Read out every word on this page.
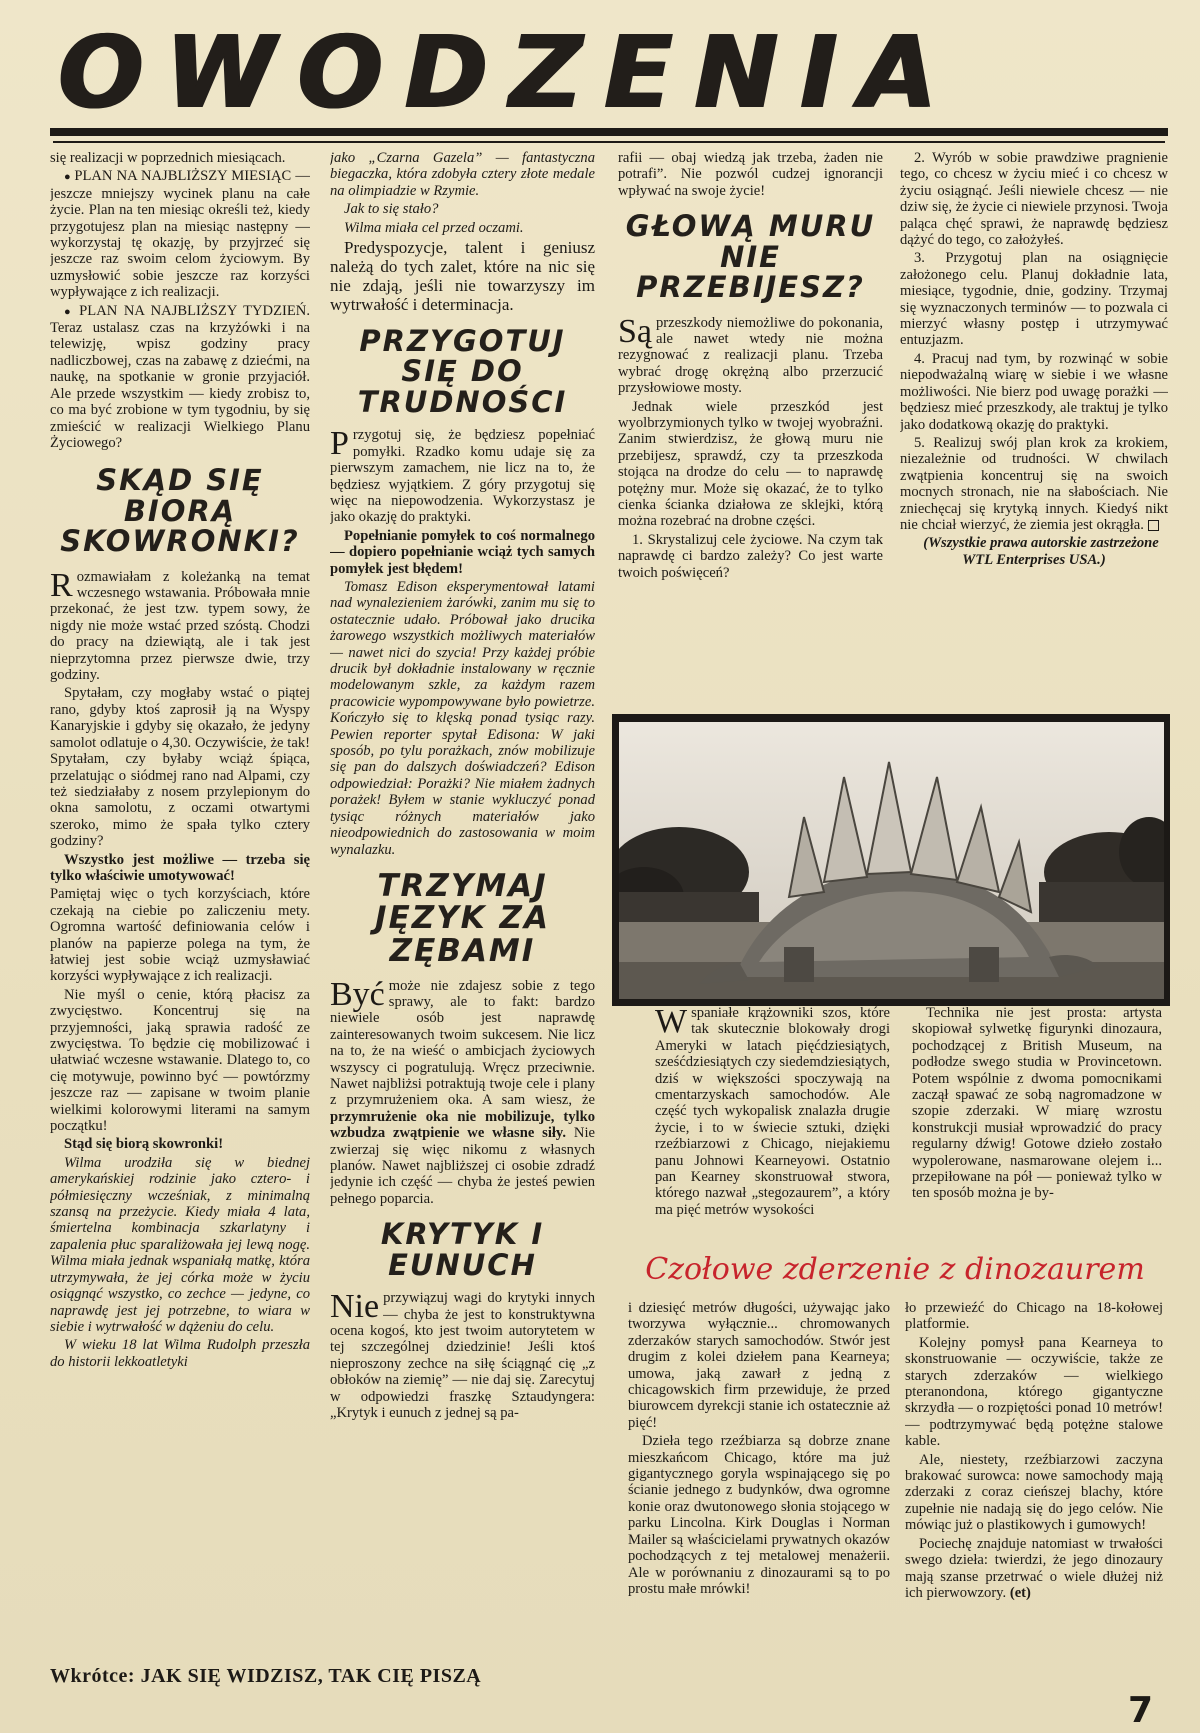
OWODZENIA

się realizacji w poprzednich miesiącach.

● PLAN NA NAJBLIŻSZY MIESIĄC — jeszcze mniejszy wycinek planu na całe życie. Plan na ten miesiąc określi też, kiedy przygotujesz plan na miesiąc następny — wykorzystaj tę okazję, by przyjrzeć się jeszcze raz swoim celom życiowym. By uzmysłowić sobie jeszcze raz korzyści wypływające z ich realizacji.

● PLAN NA NAJBLIŻSZY TYDZIEŃ. Teraz ustalasz czas na krzyżówki i na telewizję, wpisz godziny pracy nadliczbowej, czas na zabawę z dziećmi, na naukę, na spotkanie w gronie przyjaciół. Ale przede wszystkim — kiedy zrobisz to, co ma być zrobione w tym tygodniu, by się zmieścić w realizacji Wielkiego Planu Życiowego?

SKĄD SIĘ BIORĄ SKOWRONKI?

Rozmawiałam z koleżanką na temat wczesnego wstawania. Próbowała mnie przekonać, że jest tzw. typem sowy, że nigdy nie może wstać przed szóstą. Chodzi do pracy na dziewiątą, ale i tak jest nieprzytomna przez pierwsze dwie, trzy godziny.

Spytałam, czy mogłaby wstać o piątej rano, gdyby ktoś zaprosił ją na Wyspy Kanaryjskie i gdyby się okazało, że jedyny samolot odlatuje o 4,30. Oczywiście, że tak! Spytałam, czy byłaby wciąż śpiąca, przelatując o siódmej rano nad Alpami, czy też siedziałaby z nosem przylepionym do okna samolotu, z oczami otwartymi szeroko, mimo że spała tylko cztery godziny?

Wszystko jest możliwe — trzeba się tylko właściwie umotywować!

Pamiętaj więc o tych korzyściach, które czekają na ciebie po zaliczeniu mety. Ogromna wartość definiowania celów i planów na papierze polega na tym, że łatwiej jest sobie wciąż uzmysławiać korzyści wypływające z ich realizacji.

Nie myśl o cenie, którą płacisz za zwycięstwo. Koncentruj się na przyjemności, jaką sprawia radość ze zwycięstwa. To będzie cię mobilizować i ułatwiać wczesne wstawanie. Dlatego to, co cię motywuje, powinno być — powtórzmy jeszcze raz — zapisane w twoim planie wielkimi kolorowymi literami na samym początku!

Stąd się biorą skowronki!

Wilma urodziła się w biednej amerykańskiej rodzinie jako czterо- i półmiesięczny wcześniak, z minimalną szansą na przeżycie. Kiedy miała 4 lata, śmiertelna kombinacja szkarlatyny i zapalenia płuc sparaliżowała jej lewą nogę. Wilma miała jednak wspaniałą matkę, która utrzymywała, że jej córka może w życiu osiągnąć wszystko, co zechce — jedyne, co naprawdę jest jej potrzebne, to wiara w siebie i wytrwałość w dążeniu do celu.

W wieku 18 lat Wilma Rudolph przeszła do historii lekkoatletyki

jako „Czarna Gazela” — fantastyczna biegaczka, która zdobyła cztery złote medale na olimpiadzie w Rzymie.

Jak to się stało?

Wilma miała cel przed oczami.

Predyspozycje, talent i geniusz należą do tych zalet, które na nic się nie zdają, jeśli nie towarzyszy im wytrwałość i determinacja.

PRZYGOTUJ SIĘ DO TRUDNOŚCI

Przygotuj się, że będziesz popełniać pomyłki. Rzadko komu udaje się za pierwszym zamachem, nie licz na to, że będziesz wyjątkiem. Z góry przygotuj się więc na niepowodzenia. Wykorzystasz je jako okazję do praktyki.

Popełnianie pomyłek to coś normalnego — dopiero popełnianie wciąż tych samych pomyłek jest błędem!

Tomasz Edison eksperymentował latami nad wynalezieniem żarówki, zanim mu się to ostatecznie udało. Próbował jako drucika żarowego wszystkich możliwych materiałów — nawet nici do szycia! Przy każdej próbie drucik był dokładnie instalowany w ręcznie modelowanym szkle, za każdym razem pracowicie wypompowywane było powietrze. Kończyło się to klęską ponad tysiąc razy. Pewien reporter spytał Edisona: W jaki sposób, po tylu porażkach, znów mobilizuje się pan do dalszych doświadczeń? Edison odpowiedział: Porażki? Nie miałem żadnych porażek! Byłem w stanie wykluczyć ponad tysiąc różnych materiałów jako nieodpowiednich do zastosowania w moim wynalazku.

TRZYMAJ JĘZYK ZA ZĘBAMI

Być może nie zdajesz sobie z tego sprawy, ale to fakt: bardzo niewiele osób jest naprawdę zainteresowanych twoim sukcesem. Nie licz na to, że na wieść o ambicjach życiowych wszyscy ci pogratulują. Wręcz przeciwnie. Nawet najbliżsi potraktują twoje cele i plany z przymrużeniem oka. A sam wiesz, że przymrużenie oka nie mobilizuje, tylko wzbudza zwątpienie we własne siły. Nie zwierzaj się więc nikomu z własnych planów. Nawet najbliższej ci osobie zdradź jedynie ich część — chyba że jesteś pewien pełnego poparcia.

KRYTYK I EUNUCH

Nie przywiązuj wagi do krytyki innych — chyba że jest to konstruktywna ocena kogoś, kto jest twoim autorytetem w tej szczególnej dziedzinie! Jeśli ktoś nieproszony zechce na siłę ściągnąć cię „z obłoków na ziemię” — nie daj się. Zarecytuj w odpowiedzi fraszkę Sztaudyngera: „Krytyk i eunuch z jednej są pa-

rafii — obaj wiedzą jak trzeba, żaden nie potrafi”. Nie pozwól cudzej ignorancji wpływać na swoje życie!

GŁOWĄ MURU NIE PRZEBIJESZ?

Są przeszkody niemożliwe do pokonania, ale nawet wtedy nie można rezygnować z realizacji planu. Trzeba wybrać drogę okrężną albo przerzucić przysłowiowe mosty.

Jednak wiele przeszkód jest wyolbrzymionych tylko w twojej wyobraźni. Zanim stwierdzisz, że głową muru nie przebijesz, sprawdź, czy ta przeszkoda stojąca na drodze do celu — to naprawdę potężny mur. Może się okazać, że to tylko cienka ścianka działowa ze sklejki, którą można rozebrać na drobne części.

1. Skrystalizuj cele życiowe. Na czym tak naprawdę ci bardzo zależy? Co jest warte twoich poświęceń?

2. Wyrób w sobie prawdziwe pragnienie tego, co chcesz w życiu mieć i co chcesz w życiu osiągnąć. Jeśli niewiele chcesz — nie dziw się, że życie ci niewiele przynosi. Twoja paląca chęć sprawi, że naprawdę będziesz dążyć do tego, co założyłeś.

3. Przygotuj plan na osiągnięcie założonego celu. Planuj dokładnie lata, miesiące, tygodnie, dnie, godziny. Trzymaj się wyznaczonych terminów — to pozwala ci mierzyć własny postęp i utrzymywać entuzjazm.

4. Pracuj nad tym, by rozwinąć w sobie niepodważalną wiarę w siebie i we własne możliwości. Nie bierz pod uwagę porażki — będziesz mieć przeszkody, ale traktuj je tylko jako dodatkową okazję do praktyki.

5. Realizuj swój plan krok za krokiem, niezależnie od trudności. W chwilach zwątpienia koncentruj się na swoich mocnych stronach, nie na słabościach. Nie zniechęcaj się krytyką innych. Kiedyś nikt nie chciał wierzyć, że ziemia jest okrągła.

(Wszystkie prawa autorskie zastrzeżone WTL Enterprises USA.)

Wspaniałe krążowniki szos, które tak skutecznie blokowały drogi Ameryki w latach pięćdziesiątych, sześćdziesiątych czy siedemdziesiątych, dziś w większości spoczywają na cmentarzyskach samochodów. Ale część tych wykopalisk znalazła drugie życie, i to w świecie sztuki, dzięki rzeźbiarzowi z Chicago, niejakiemu panu Johnowi Kearneyowi. Ostatnio pan Kearney skonstruował stwora, któregо nazwał „stegozaurem”, a który ma pięć metrów wysokości

Technika nie jest prosta: artysta skopiował sylwetkę figurynki dinozaura, pochodzącej z British Museum, na podłodze swego studia w Provincetown. Potem wspólnie z dwoma pomocnikami zaczął spawać ze sobą nagromadzone w szopie zderzaki. W miarę wzrostu konstrukcji musiał wprowadzić do pracy regularny dźwig! Gotowe dzieło zostało wypolerowane, nasmarowane olejem i... przepiłowane na pół — ponieważ tylko w ten sposób można je by-

Czołowe zderzenie z dinozaurem

i dziesięć metrów długości, używając jako tworzywa wyłącznie... chromowanych zderzaków starych samochodów. Stwór jest drugim z kolei dziełem pana Kearneya; umowa, jaką zawarł z jedną z chicagowskich firm przewiduje, że przed biurowcem dyrekcji stanie ich ostatecznie aż pięć!

Dzieła tego rzeźbiarza są dobrze znane mieszkańcom Chicago, które ma już gigantycznego goryla wspinającego się po ścianie jednego z budynków, dwa ogromne konie oraz dwutonowego słonia stojącego w parku Lincolna. Kirk Douglas i Norman Mailer są właścicielami prywatnych okazów pochodzących z tej metalowej menażerii. Ale w porównaniu z dinozaurami są to po prostu małe mrówki!

ło przewieźć do Chicago na 18-kołowej platformie.

Kolejny pomysł pana Kearneya to skonstruowanie — oczywiście, także ze starych zderzaków — wielkiego pteranondona, którego gigantyczne skrzydła — o rozpiętości ponad 10 metrów! — podtrzymywać będą potężne stalowe kable.

Ale, niestety, rzeźbiarzowi zaczyna brakować surowca: nowe samochody mają zderzaki z coraz cieńszej blachy, które zupełnie nie nadają się do jego celów. Nie mówiąc już o plastikowych i gumowych!

Pociechę znajduje natomiast w trwałości swego dzieła: twierdzi, że jego dinozaury mają szanse przetrwać o wiele dłużej niż ich pierwowzory. (et)

Wkrótce: JAK SIĘ WIDZISZ, TAK CIĘ PISZĄ
7
